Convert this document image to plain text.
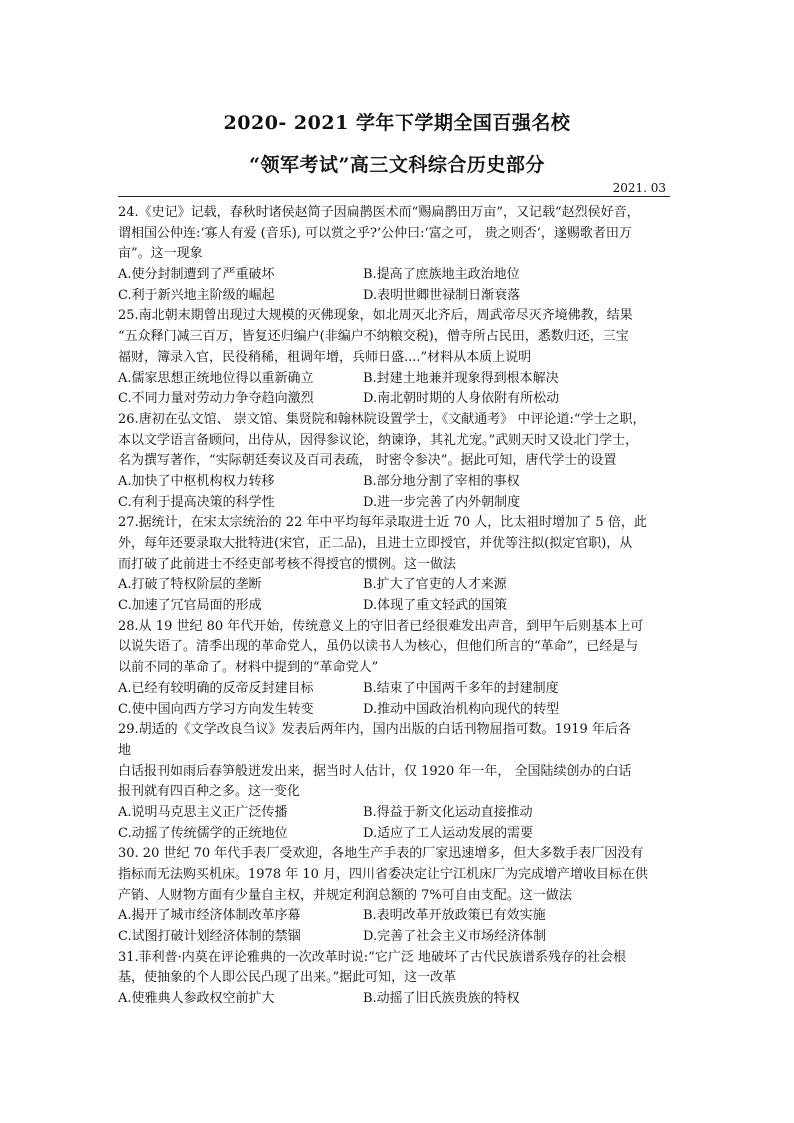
2020- 2021 学年下学期全国百强名校
“领军考试”高三文科综合历史部分
2021. 03
24.《史记》记载，春秋时诸侯赵简子因扁鹊医术而“赐扁鹊田万亩”，又记载“赵烈侯好音，
谓相国公仲连:‘寡人有爱 (音乐), 可以赏之乎?’公仲曰:‘富之可， 贵之则否’，遂赐歌者田万
亩”。这一现象
A.使分封制遭到了严重破坏	B.提高了庶族地主政治地位
C.利于新兴地主阶级的崛起	D.表明世卿世禄制日渐衰落
25.南北朝末期曾出现过大规模的灭佛现象，如北周灭北齐后，周武帝尽灭齐境佛教，结果
“五众释门减三百万，皆复还归编户(非编户不纳粮交税)，僧寺所占民田，悉数归还，三宝
福财，簿录入官，民役稍稀，租调年增，兵师日盛....”材料从本质上说明
A.儒家思想正统地位得以重新确立	B.封建土地兼并现象得到根本解决
C.不同力量对劳动力争夺趋向激烈	D.南北朝时期的人身依附有所松动
26.唐初在弘文馆、 崇文馆、集贤院和翰林院设置学士，《文献通考》 中评论道:“学士之职，
本以文学语言备顾问，出侍从，因得参议论，纳谏诤，其礼尤宠。”武则天时又设北门学士，
名为撰写著作，“实际朝廷奏议及百司表疏， 时密令参决”。据此可知，唐代学士的设置
A.加快了中枢机构权力转移	B.部分地分割了宰相的事权
C.有利于提高决策的科学性	D.进一步完善了内外朝制度
27.据统计，在宋太宗统治的 22 年中平均每年录取进士近 70 人，比太祖时增加了 5 倍，此
外，每年还要录取大批特进(宋官，正二品)，且进士立即授官，并优等注拟(拟定官职)，从
而打破了此前进士不经吏部考核不得授官的惯例。这一做法
A.打破了特权阶层的垄断	B.扩大了官吏的人才来源
C.加速了冗官局面的形成	D.体现了重文轻武的国策
28.从 19 世纪 80 年代开始，传统意义上的守旧者已经很难发出声音，到甲午后则基本上可
以说失语了。清季出现的革命党人，虽仍以读书人为核心，但他们所言的“革命”，已经是与
以前不同的革命了。材料中提到的“革命党人”
A.已经有较明确的反帝反封建目标	B.结束了中国两千多年的封建制度
C.使中国向西方学习方向发生转变	D.推动中国政治机构向现代的转型
29.胡适的《文学改良刍议》发表后两年内，国内出版的白话刊物屈指可数。1919 年后各
地
白话报刊如雨后春笋般迸发出来，据当时人估计，仅 1920 年一年， 全国陆续创办的白话
报刊就有四百种之多。这一变化
A.说明马克思主义正广泛传播	B.得益于新文化运动直接推动
C.动摇了传统儒学的正统地位	D.适应了工人运动发展的需要
30. 20 世纪 70 年代手表厂受欢迎，各地生产手表的厂家迅速增多，但大多数手表厂因没有
指标而无法购买机床。1978 年 10 月，四川省委决定让宁江机床厂为完成增产增收目标在供
产销、人财物方面有少量自主权，并规定利润总额的 7%可自由支配。这一做法
A.揭开了城市经济体制改革序幕	B.表明改革开放政策已有效实施
C.试图打破计划经济体制的禁锢	D.完善了社会主义市场经济体制
31.菲利普·内莫在评论雅典的一次改革时说:“它广泛 地破坏了古代民族谱系残存的社会根
基，使抽象的个人即公民凸现了出来。”据此可知，这一改革
A.使雅典人参政权空前扩大	B.动摇了旧氏族贵族的特权
